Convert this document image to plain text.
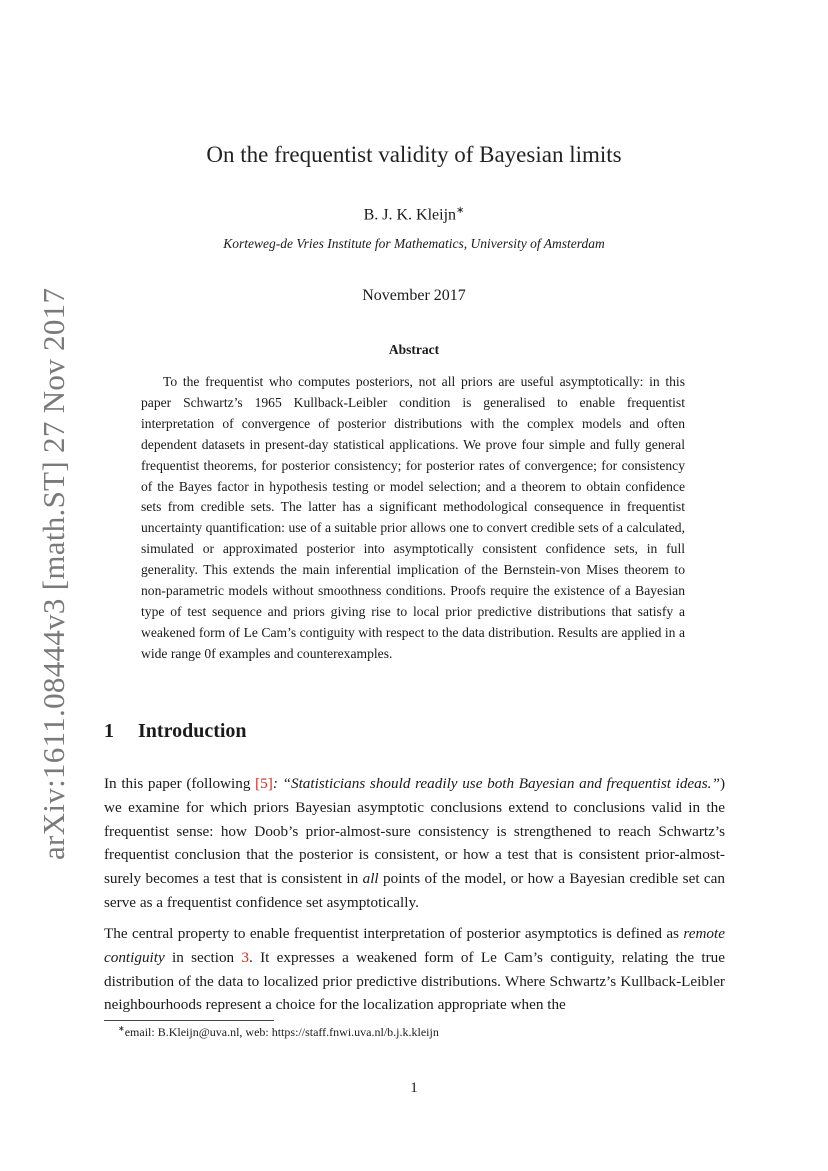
arXiv:1611.08444v3 [math.ST] 27 Nov 2017
On the frequentist validity of Bayesian limits
B. J. K. Kleijn∗
Korteweg-de Vries Institute for Mathematics, University of Amsterdam
November 2017
Abstract
To the frequentist who computes posteriors, not all priors are useful asymptotically: in this paper Schwartz’s 1965 Kullback-Leibler condition is generalised to enable frequentist interpretation of convergence of posterior distributions with the complex models and often dependent datasets in present-day statistical applications. We prove four simple and fully general frequentist theorems, for posterior consistency; for posterior rates of convergence; for consistency of the Bayes factor in hypothesis testing or model selection; and a theorem to obtain confidence sets from credible sets. The latter has a significant methodological consequence in frequentist uncertainty quantification: use of a suitable prior allows one to convert credible sets of a calculated, simulated or approximated posterior into asymptotically consistent confidence sets, in full generality. This extends the main inferential implication of the Bernstein-von Mises theorem to non-parametric models without smoothness conditions. Proofs require the existence of a Bayesian type of test sequence and priors giving rise to local prior predictive distributions that satisfy a weakened form of Le Cam’s contiguity with respect to the data distribution. Results are applied in a wide range 0f examples and counterexamples.
1 Introduction
In this paper (following [5]: “Statisticians should readily use both Bayesian and frequentist ideas.”) we examine for which priors Bayesian asymptotic conclusions extend to conclusions valid in the frequentist sense: how Doob’s prior-almost-sure consistency is strengthened to reach Schwartz’s frequentist conclusion that the posterior is consistent, or how a test that is consistent prior-almost-surely becomes a test that is consistent in all points of the model, or how a Bayesian credible set can serve as a frequentist confidence set asymptotically.
The central property to enable frequentist interpretation of posterior asymptotics is defined as remote contiguity in section 3. It expresses a weakened form of Le Cam’s contiguity, relating the true distribution of the data to localized prior predictive distributions. Where Schwartz’s Kullback-Leibler neighbourhoods represent a choice for the localization appropriate when the
∗email: B.Kleijn@uva.nl, web: https://staff.fnwi.uva.nl/b.j.k.kleijn
1
